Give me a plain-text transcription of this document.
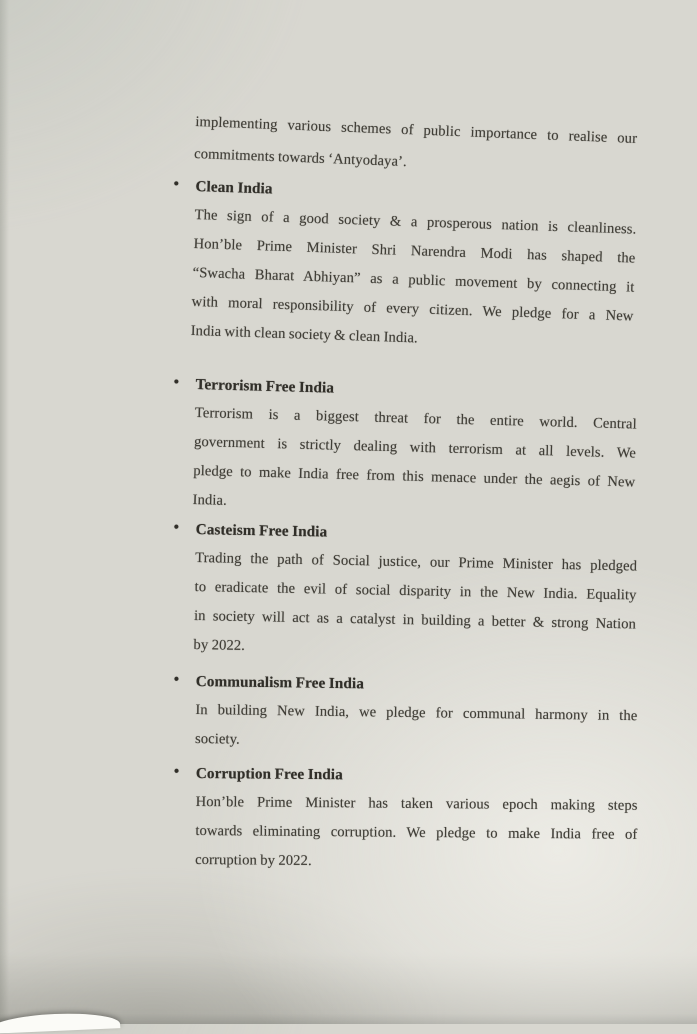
implementing various schemes of public importance to realise our
commitments towards ‘Antyodaya’.
• Clean India
The sign of a good society & a prosperous nation is cleanliness.
Hon’ble Prime Minister Shri Narendra Modi has shaped the
“Swacha Bharat Abhiyan” as a public movement by connecting it
with moral responsibility of every citizen. We pledge for a New
India with clean society & clean India.
• Terrorism Free India
Terrorism is a biggest threat for the entire world. Central
government is strictly dealing with terrorism at all levels. We
pledge to make India free from this menace under the aegis of New
India.
• Casteism Free India
Trading the path of Social justice, our Prime Minister has pledged
to eradicate the evil of social disparity in the New India. Equality
in society will act as a catalyst in building a better & strong Nation
by 2022.
• Communalism Free India
In building New India, we pledge for communal harmony in the
society.
• Corruption Free India
Hon’ble Prime Minister has taken various epoch making steps
towards eliminating corruption. We pledge to make India free of
corruption by 2022.
